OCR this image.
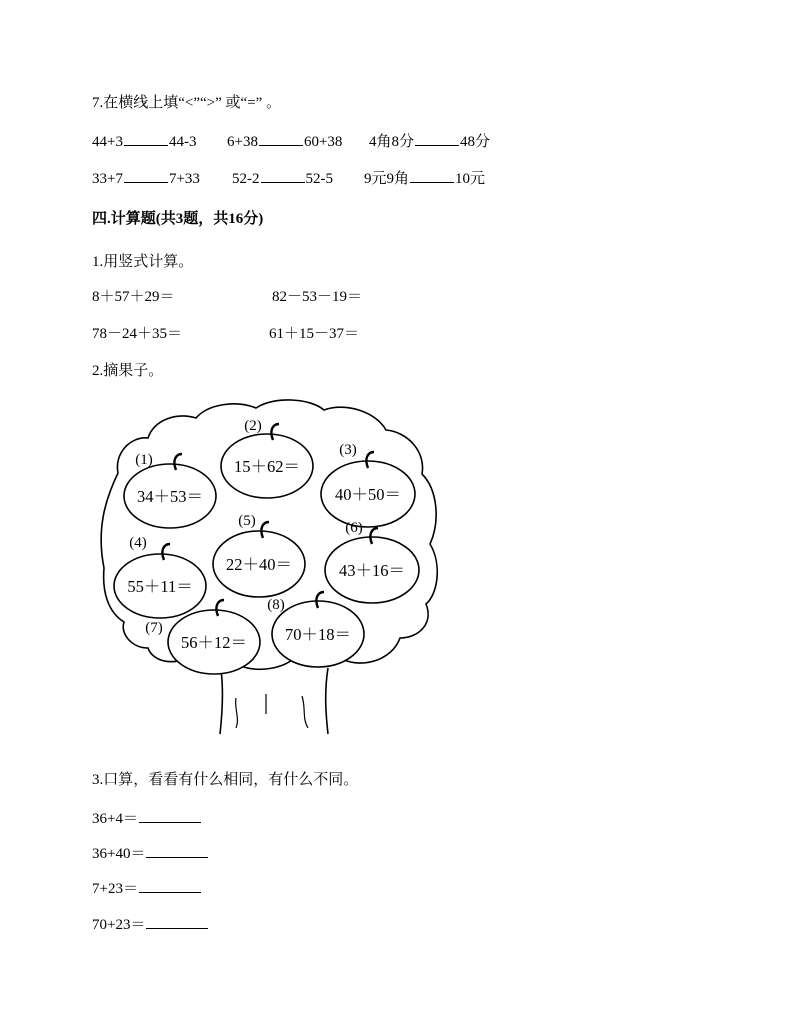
7.在横线上填“<”“>” 或“=” 。
44+3	44-3 6+38	60+38 4角8分	48分
33+7	7+33 52-2	52-5 9元9角	10元
四.计算题(共3题，共16分)
1.用竖式计算。
8＋57＋29＝	82－53－19＝
78－24＋35＝	61＋15－37＝
2.摘果子。
(1)
34＋53＝
(2)
15＋62＝
(3)
40＋50＝
(4)
55＋11＝
(5)
22＋40＝
(6)
43＋16＝
(7)
56＋12＝
(8)
70＋18＝
3.口算，看看有什么相同，有什么不同。
36+4＝
36+40＝
7+23＝
70+23＝
